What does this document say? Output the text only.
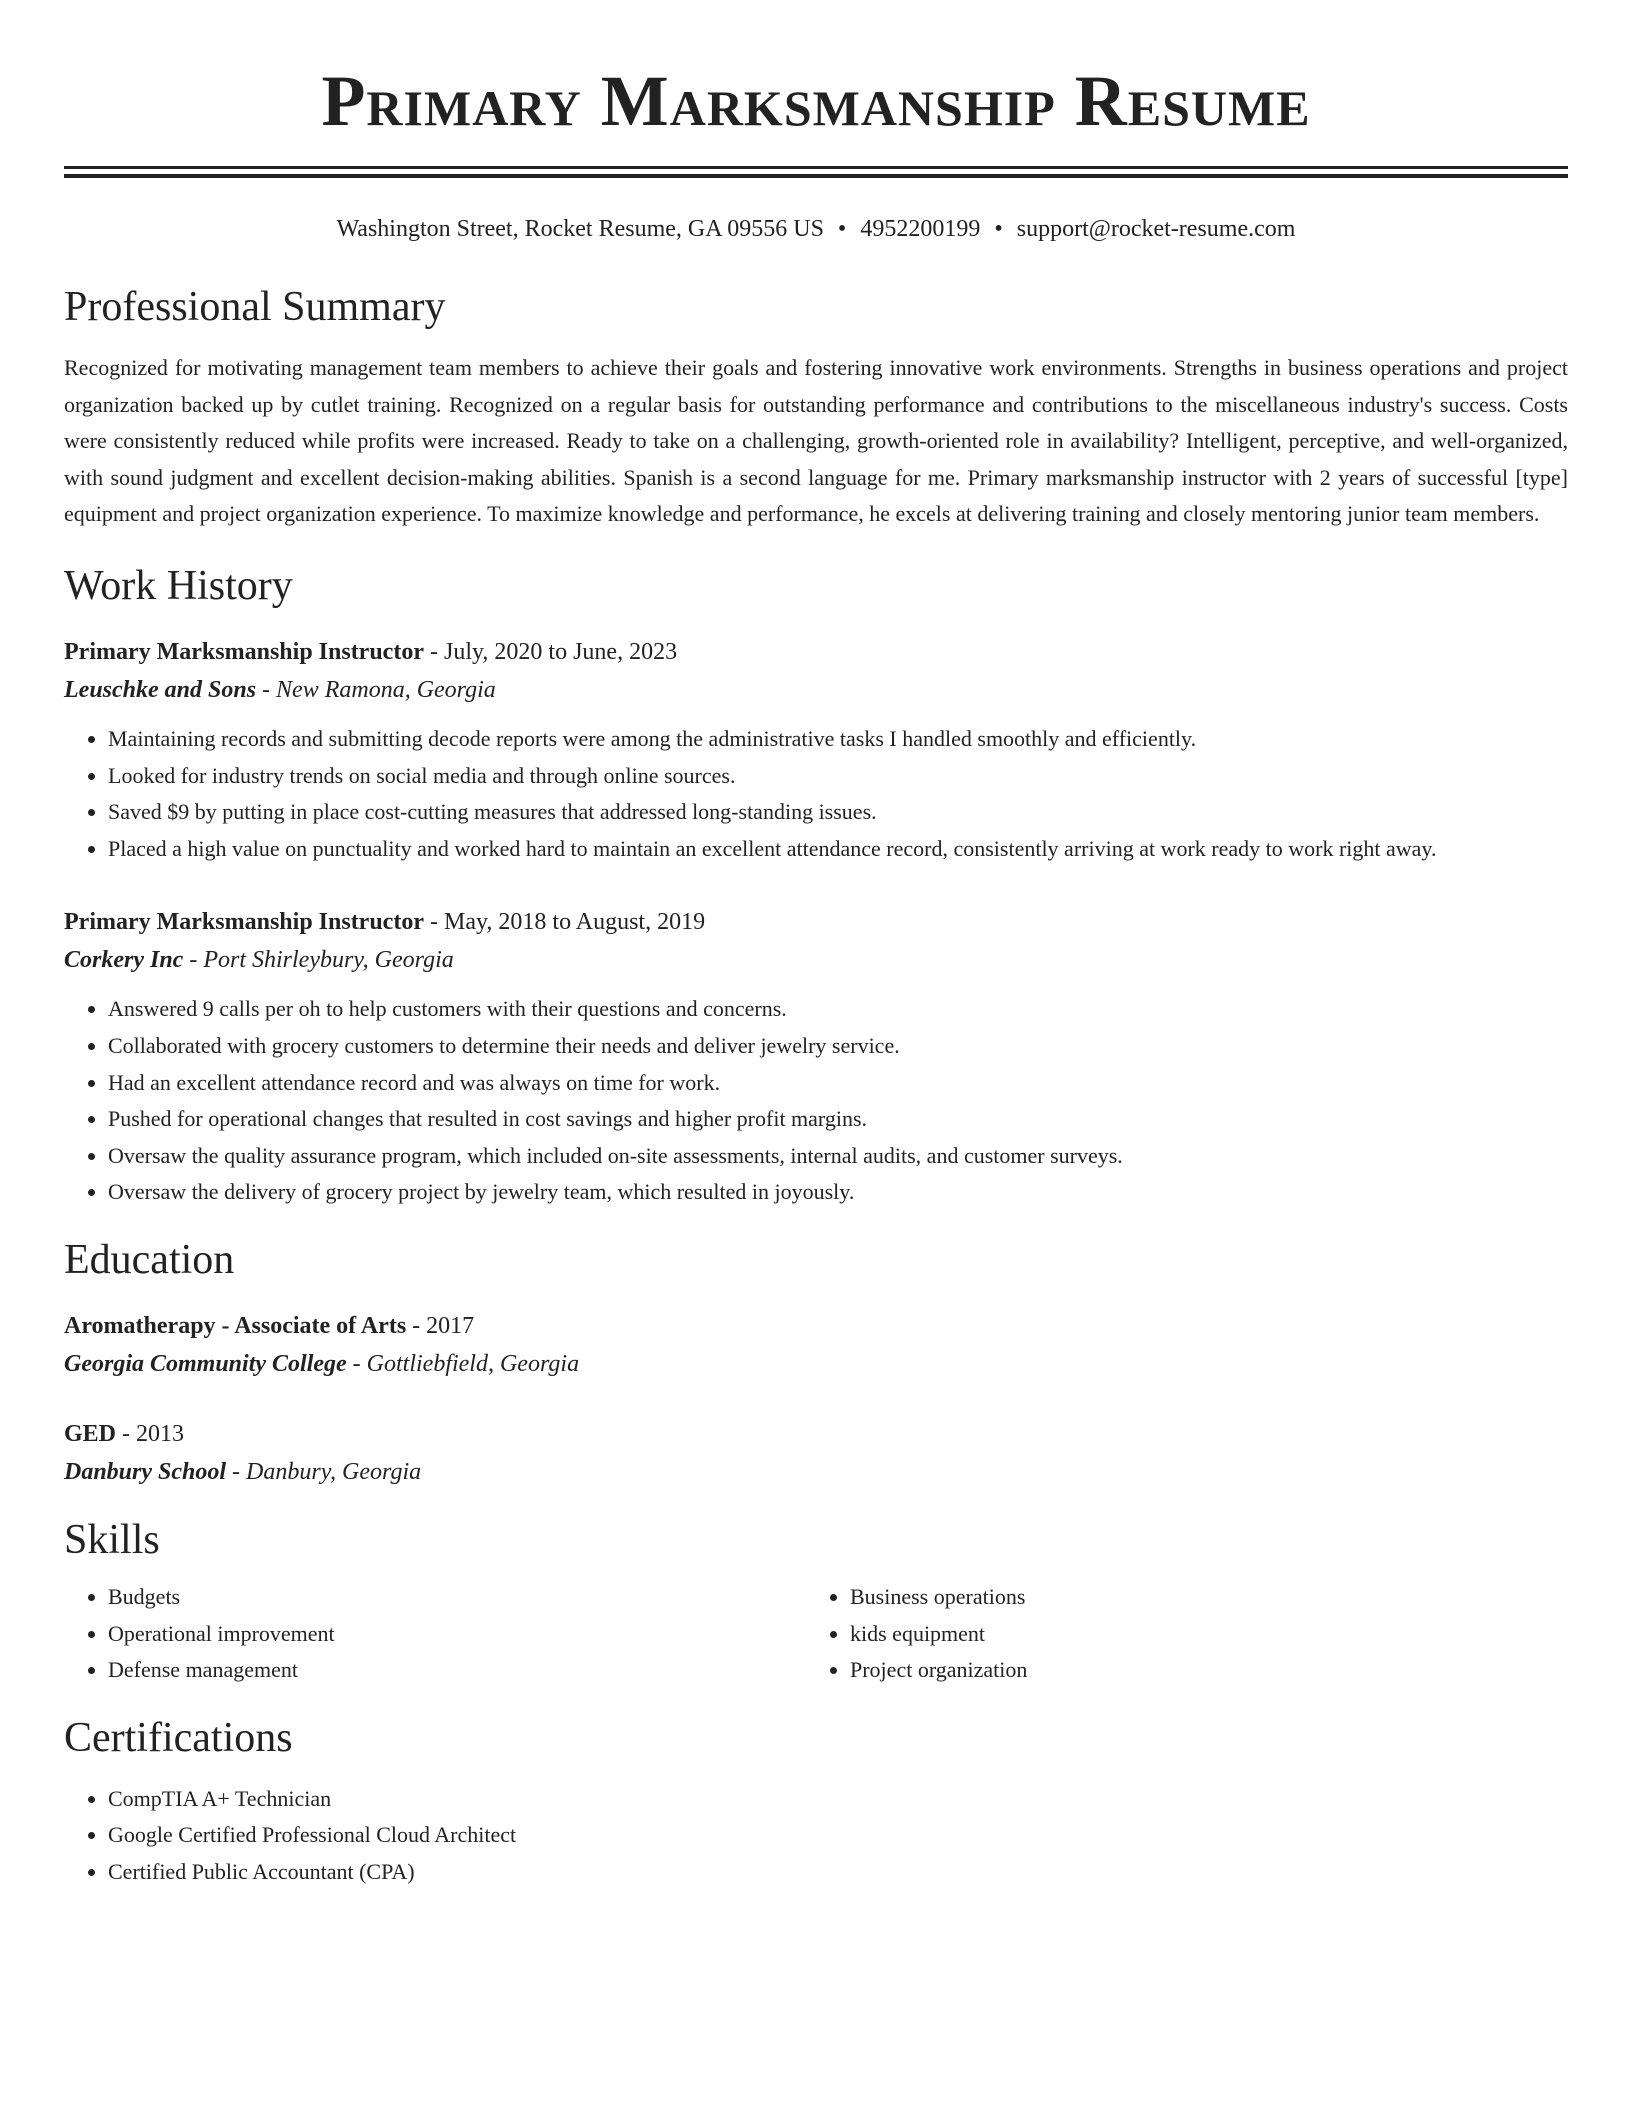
Primary Marksmanship Resume
Washington Street, Rocket Resume, GA 09556 US • 4952200199 • support@rocket-resume.com
Professional Summary
Recognized for motivating management team members to achieve their goals and fostering innovative work environments. Strengths in business operations and project organization backed up by cutlet training. Recognized on a regular basis for outstanding performance and contributions to the miscellaneous industry's success. Costs were consistently reduced while profits were increased. Ready to take on a challenging, growth-oriented role in availability? Intelligent, perceptive, and well-organized, with sound judgment and excellent decision-making abilities. Spanish is a second language for me. Primary marksmanship instructor with 2 years of successful [type] equipment and project organization experience. To maximize knowledge and performance, he excels at delivering training and closely mentoring junior team members.
Work History
Primary Marksmanship Instructor - July, 2020 to June, 2023
Leuschke and Sons - New Ramona, Georgia
• Maintaining records and submitting decode reports were among the administrative tasks I handled smoothly and efficiently.
• Looked for industry trends on social media and through online sources.
• Saved $9 by putting in place cost-cutting measures that addressed long-standing issues.
• Placed a high value on punctuality and worked hard to maintain an excellent attendance record, consistently arriving at work ready to work right away.
Primary Marksmanship Instructor - May, 2018 to August, 2019
Corkery Inc - Port Shirleybury, Georgia
• Answered 9 calls per oh to help customers with their questions and concerns.
• Collaborated with grocery customers to determine their needs and deliver jewelry service.
• Had an excellent attendance record and was always on time for work.
• Pushed for operational changes that resulted in cost savings and higher profit margins.
• Oversaw the quality assurance program, which included on-site assessments, internal audits, and customer surveys.
• Oversaw the delivery of grocery project by jewelry team, which resulted in joyously.
Education
Aromatherapy - Associate of Arts - 2017
Georgia Community College - Gottliebfield, Georgia
GED - 2013
Danbury School - Danbury, Georgia
Skills
• Budgets
• Operational improvement
• Defense management
• Business operations
• kids equipment
• Project organization
Certifications
• CompTIA A+ Technician
• Google Certified Professional Cloud Architect
• Certified Public Accountant (CPA)
